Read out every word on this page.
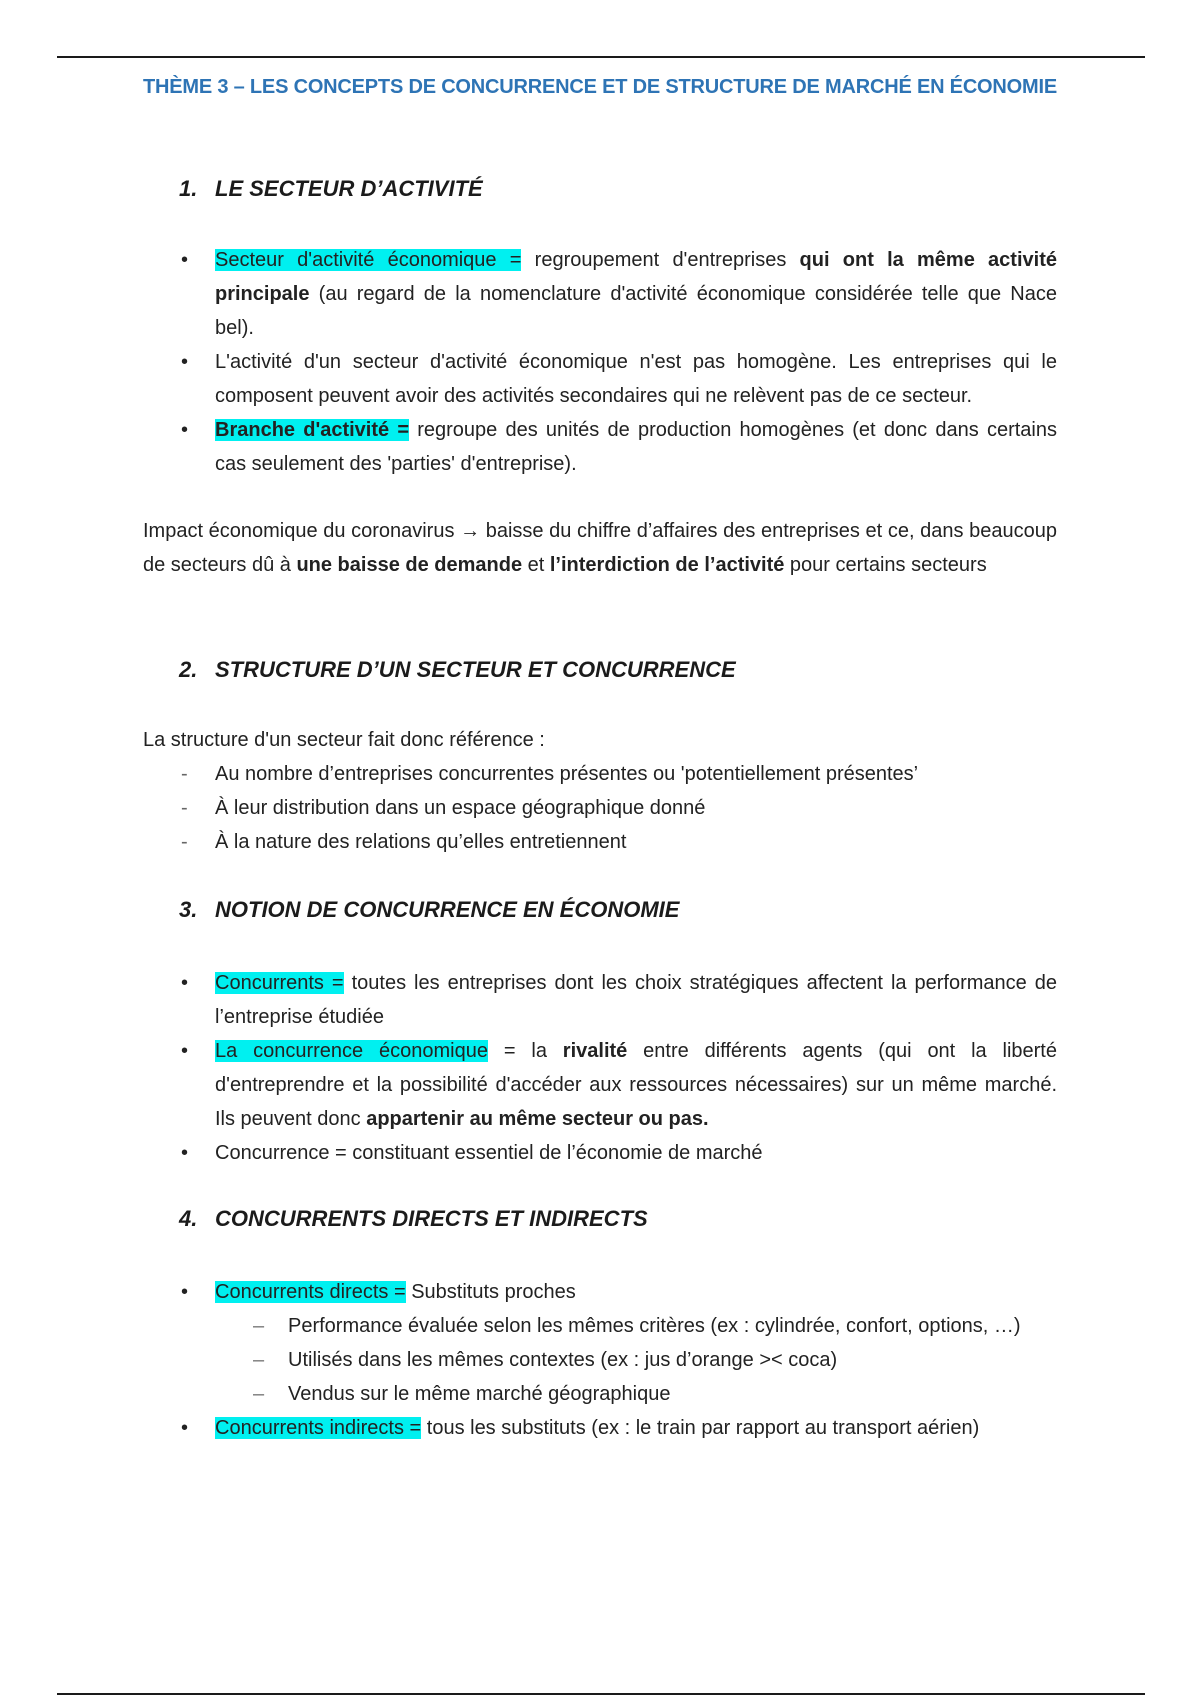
THÈME 3 – LES CONCEPTS DE CONCURRENCE ET DE STRUCTURE DE MARCHÉ EN ÉCONOMIE
1. LE SECTEUR D’ACTIVITÉ
• Secteur d'activité économique = regroupement d'entreprises qui ont la même activité principale (au regard de la nomenclature d'activité économique considérée telle que Nace bel).
• L'activité d'un secteur d'activité économique n'est pas homogène. Les entreprises qui le composent peuvent avoir des activités secondaires qui ne relèvent pas de ce secteur.
• Branche d'activité = regroupe des unités de production homogènes (et donc dans certains cas seulement des 'parties' d'entreprise).
Impact économique du coronavirus → baisse du chiffre d’affaires des entreprises et ce, dans beaucoup de secteurs dû à une baisse de demande et l’interdiction de l’activité pour certains secteurs
2. STRUCTURE D’UN SECTEUR ET CONCURRENCE
La structure d'un secteur fait donc référence :
- Au nombre d’entreprises concurrentes présentes ou 'potentiellement présentes’
- À leur distribution dans un espace géographique donné
- À la nature des relations qu’elles entretiennent
3. NOTION DE CONCURRENCE EN ÉCONOMIE
• Concurrents = toutes les entreprises dont les choix stratégiques affectent la performance de l’entreprise étudiée
• La concurrence économique = la rivalité entre différents agents (qui ont la liberté d'entreprendre et la possibilité d'accéder aux ressources nécessaires) sur un même marché. Ils peuvent donc appartenir au même secteur ou pas.
• Concurrence = constituant essentiel de l’économie de marché
4. CONCURRENTS DIRECTS ET INDIRECTS
• Concurrents directs = Substituts proches
– Performance évaluée selon les mêmes critères (ex : cylindrée, confort, options, …)
– Utilisés dans les mêmes contextes (ex : jus d’orange >< coca)
– Vendus sur le même marché géographique
• Concurrents indirects = tous les substituts (ex : le train par rapport au transport aérien)
